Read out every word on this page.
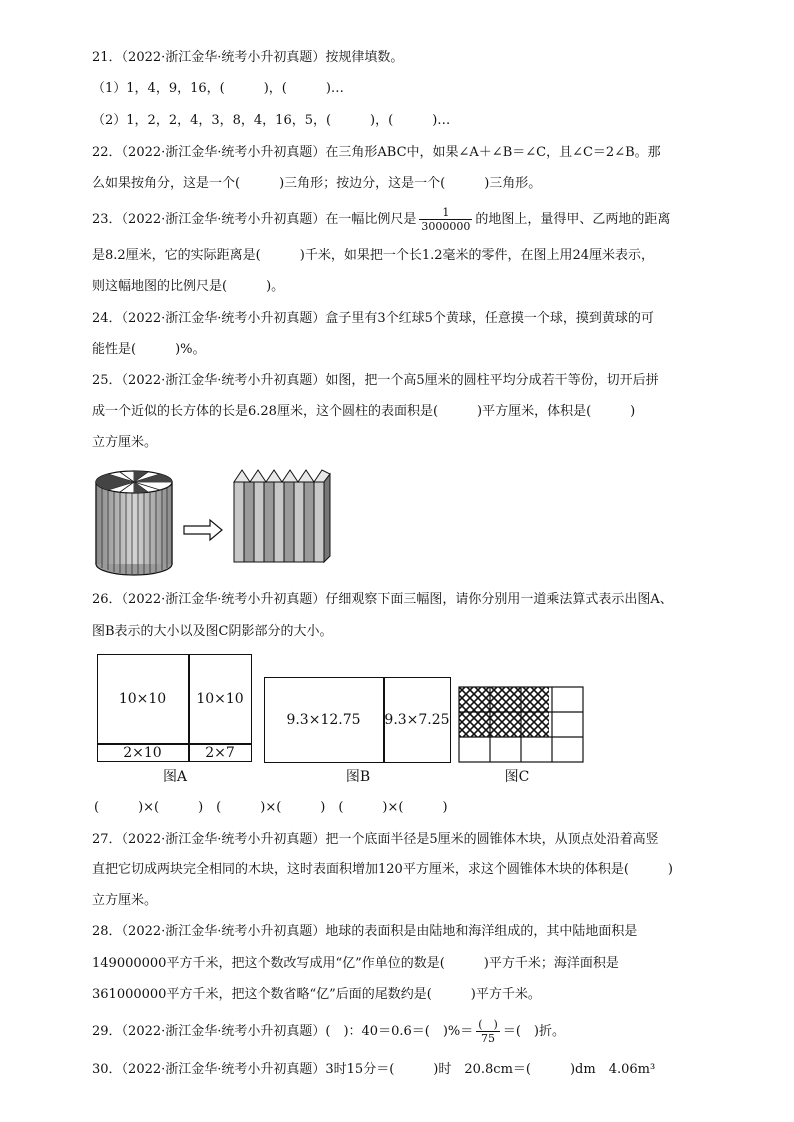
21．（2022·浙江金华·统考小升初真题）按规律填数。
（1）1，4，9，16，(　　　)，(　　　)…
（2）1，2，2，4，3，8，4，16，5，(　　　)，(　　　)…
22．（2022·浙江金华·统考小升初真题）在三角形ABC中，如果∠A＋∠B＝∠C，且∠C＝2∠B。那
么如果按角分，这是一个(　　　)三角形；按边分，这是一个(　　　)三角形。
23．（2022·浙江金华·统考小升初真题）在一幅比例尺是 $\frac{1}{3000000}$ 的地图上，量得甲、乙两地的距离
是8.2厘米，它的实际距离是(　　　)千米，如果把一个长1.2毫米的零件，在图上用24厘米表示，
则这幅地图的比例尺是(　　　)。
24．（2022·浙江金华·统考小升初真题）盒子里有3个红球5个黄球，任意摸一个球，摸到黄球的可
能性是(　　　)%。
25．（2022·浙江金华·统考小升初真题）如图，把一个高5厘米的圆柱平均分成若干等份，切开后拼
成一个近似的长方体的长是6.28厘米，这个圆柱的表面积是(　　　)平方厘米，体积是(　　　)
立方厘米。
26．（2022·浙江金华·统考小升初真题）仔细观察下面三幅图，请你分别用一道乘法算式表示出图A、
图B表示的大小以及图C阴影部分的大小。
10×10	10×10
2×10	2×7
图A
9.3×12.75	9.3×7.25
图B	图C
(　　　)×(　　　)　(　　　)×(　　　)　(　　　)×(　　　)
27．（2022·浙江金华·统考小升初真题）把一个底面半径是5厘米的圆锥体木块，从顶点处沿着高竖
直把它切成两块完全相同的木块，这时表面积增加120平方厘米，求这个圆锥体木块的体积是(　　　)
立方厘米。
28．（2022·浙江金华·统考小升初真题）地球的表面积是由陆地和海洋组成的，其中陆地面积是
149000000平方千米，把这个数改写成用“亿”作单位的数是(　　　)平方千米；海洋面积是
361000000平方千米，把这个数省略“亿”后面的尾数约是(　　　)平方千米。
29．（2022·浙江金华·统考小升初真题）(　)：40＝0.6＝(　)%＝ $\frac{( )}{75}$ ＝(　)折。
30．（2022·浙江金华·统考小升初真题）3时15分＝(　　　)时　20.8cm＝(　　　)dm　4.06m³
